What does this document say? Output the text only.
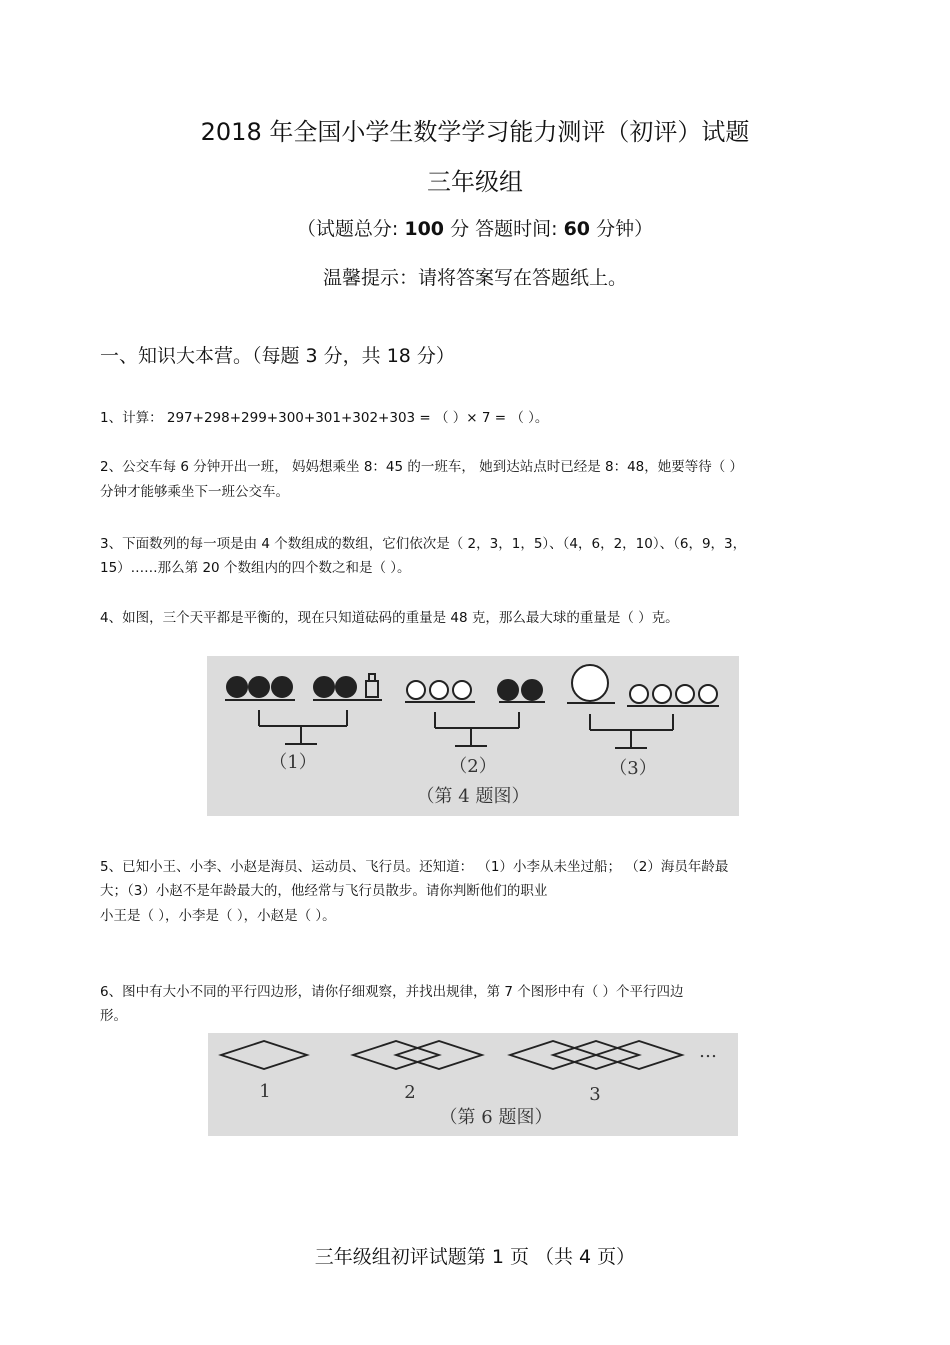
2018 年全国小学生数学学习能力测评（初评）试题
三年级组
（试题总分: 100 分 答题时间: 60 分钟）
温馨提示：请将答案写在答题纸上。
一、知识大本营。（每题 3 分，共 18 分）
1、计算： 297+298+299+300+301+302+303 = （ ）× 7 = （ ）。
2、公交车每 6 分钟开出一班， 妈妈想乘坐 8：45 的一班车， 她到达站点时已经是 8：48，她要等待（ ）
分钟才能够乘坐下一班公交车。
3、下面数列的每一项是由 4 个数组成的数组，它们依次是（ 2，3，1，5）、（4，6，2，10）、（6，9，3，
15）……那么第 20 个数组内的四个数之和是（ ）。
4、如图，三个天平都是平衡的，现在只知道砝码的重量是 48 克，那么最大球的重量是（ ）克。
（1）	（2）	（3）
（第 4 题图）
5、已知小王、小李、小赵是海员、运动员、飞行员。还知道： （1）小李从未坐过船； （2）海员年龄最
大；（3）小赵不是年龄最大的，他经常与飞行员散步。请你判断他们的职业
小王是（ ），小李是（ ），小赵是（ ）。
6、图中有大小不同的平行四边形，请你仔细观察，并找出规律，第 7 个图形中有（ ）个平行四边
形。
…
1	2	3
（第 6 题图）
三年级组初评试题第 1 页 （共 4 页）
